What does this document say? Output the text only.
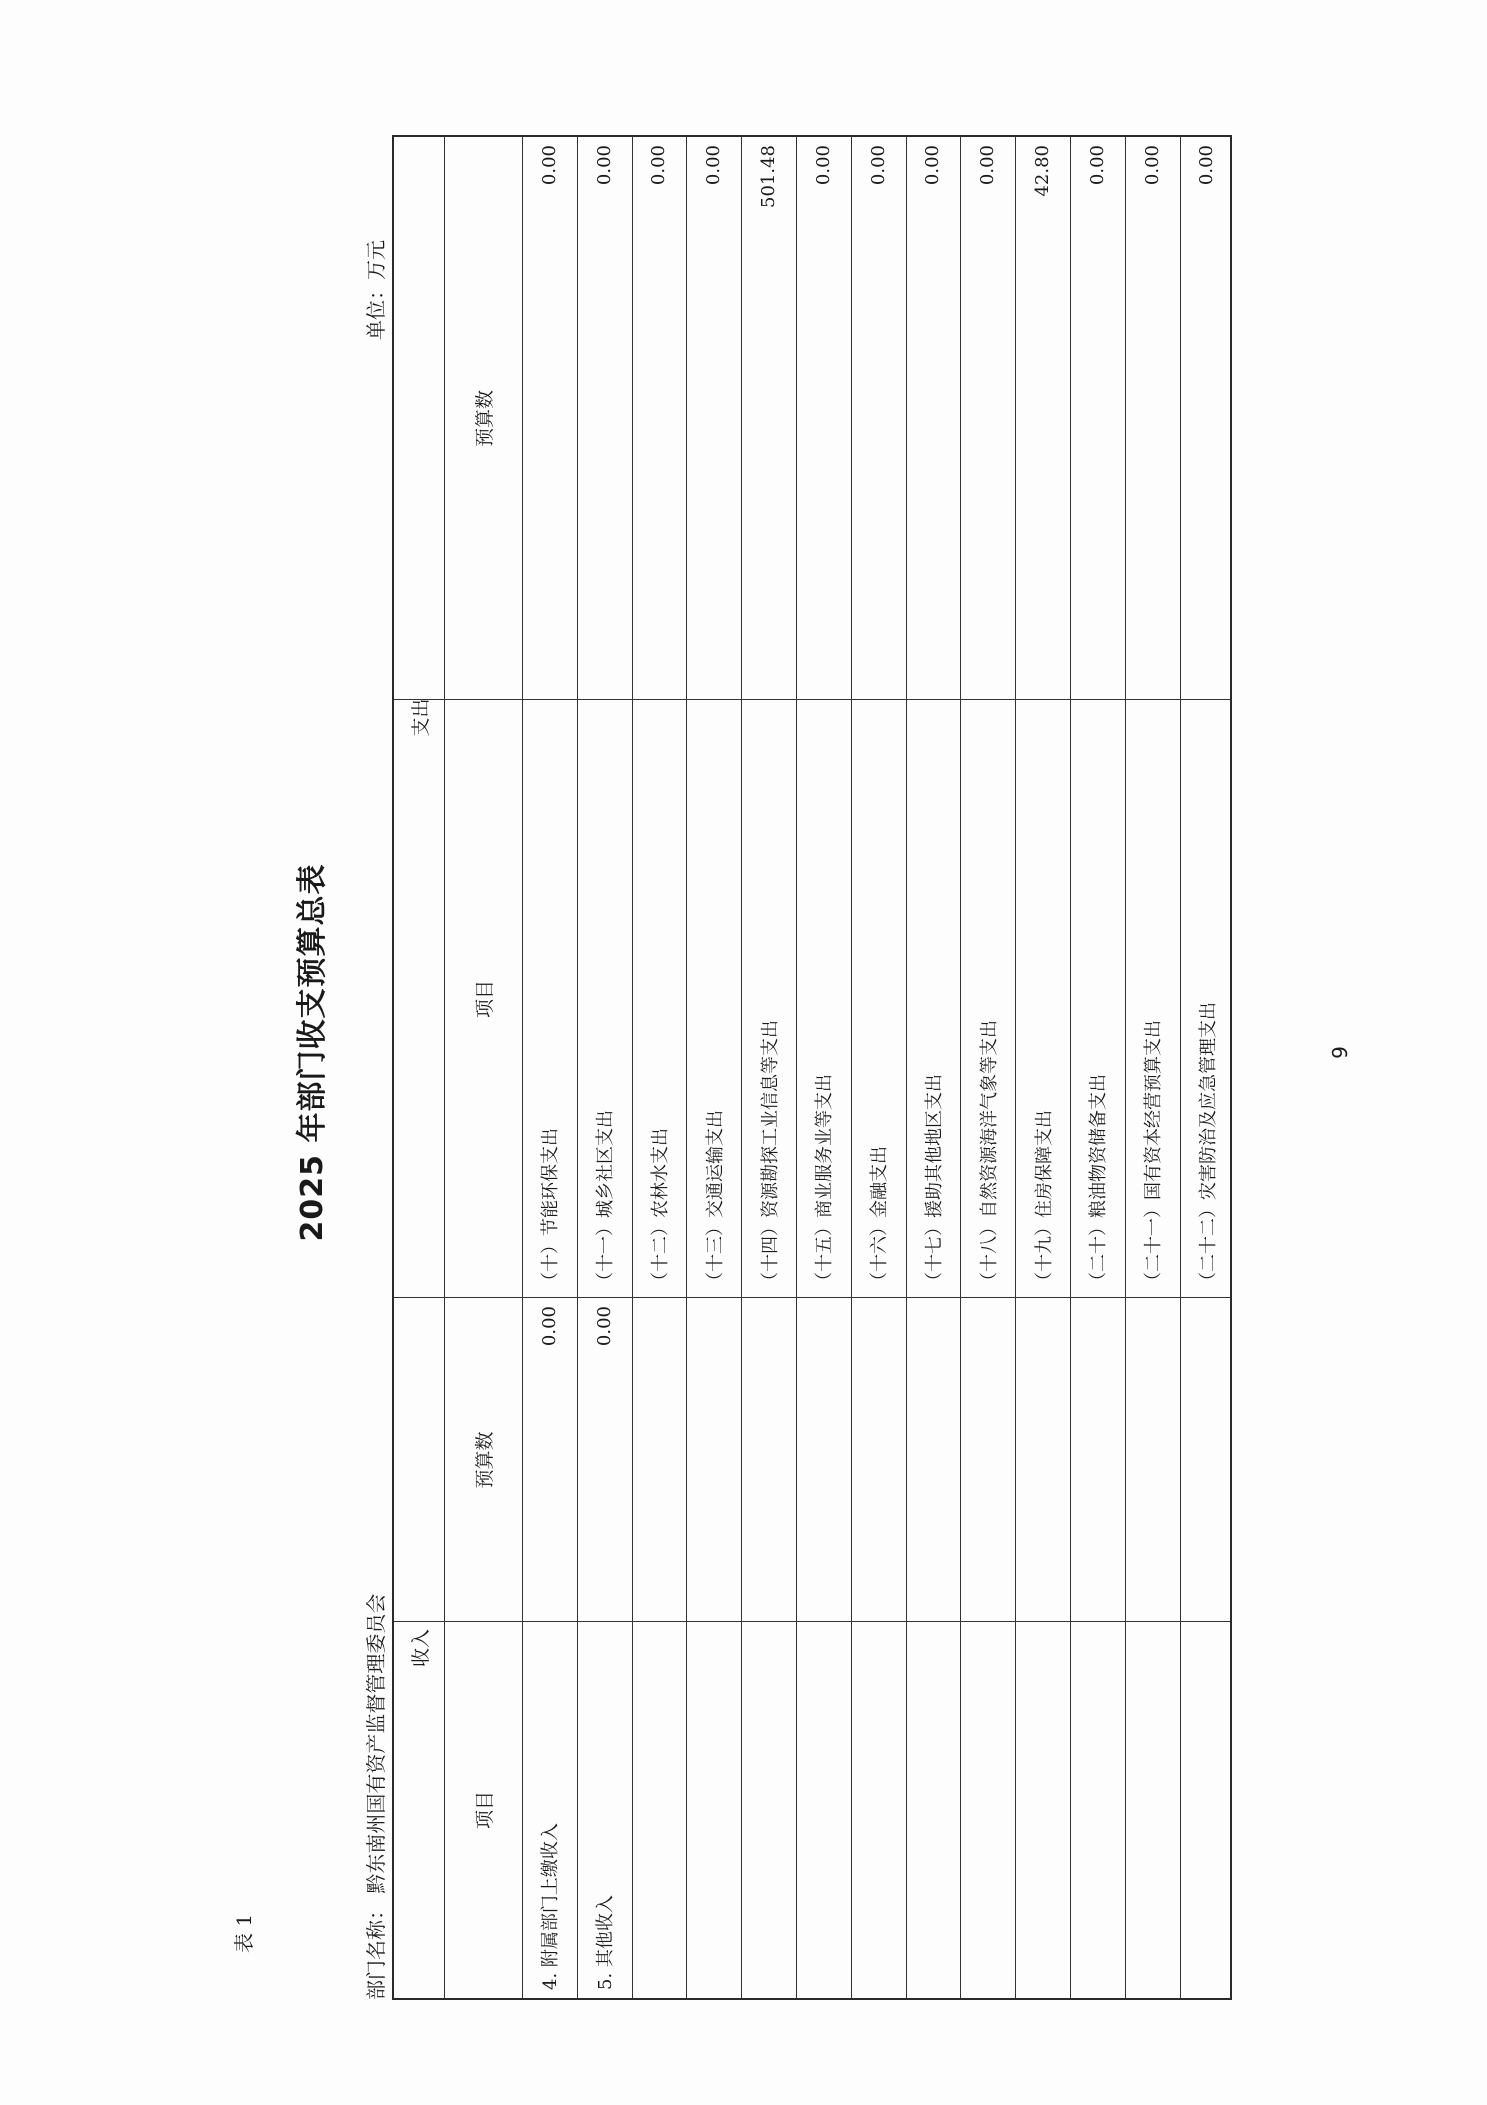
表 1
2025 年部门收支预算总表
部门名称： 黔东南州国有资产监督管理委员会
单位：万元
收入
支出
项目
预算数
项目
预算数
4. 附属部门上缴收入
0.00
（十）节能环保支出
0.00
5. 其他收入
0.00
（十一）城乡社区支出
0.00
（十二）农林水支出
0.00
（十三）交通运输支出
0.00
（十四）资源勘探工业信息等支出
501.48
（十五）商业服务业等支出
0.00
（十六）金融支出
0.00
（十七）援助其他地区支出
0.00
（十八）自然资源海洋气象等支出
0.00
（十九）住房保障支出
42.80
（二十）粮油物资储备支出
0.00
（二十一）国有资本经营预算支出
0.00
（二十二）灾害防治及应急管理支出
0.00
9
